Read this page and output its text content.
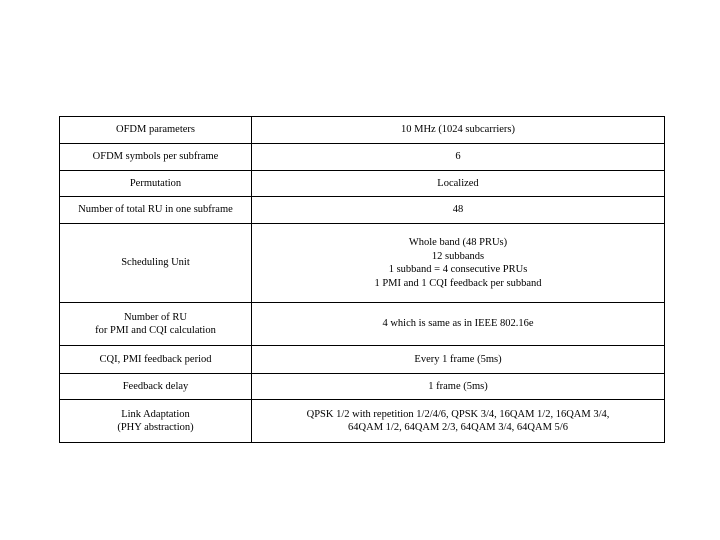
OFDM parameters	10 MHz (1024 subcarriers)

OFDM symbols per subframe	6

Permutation	Localized

Number of total RU in one subframe	48

Scheduling Unit	Whole band (48 PRUs)
12 subbands
1 subband = 4 consecutive PRUs
1 PMI and 1 CQI feedback per subband

Number of RU
for PMI and CQI calculation	4 which is same as in IEEE 802.16e

CQI, PMI feedback period	Every 1 frame (5ms)

Feedback delay	1 frame (5ms)

Link Adaptation
(PHY abstraction)	QPSK 1/2 with repetition 1/2/4/6, QPSK 3/4, 16QAM 1/2, 16QAM 3/4,
64QAM 1/2, 64QAM 2/3, 64QAM 3/4, 64QAM 5/6
